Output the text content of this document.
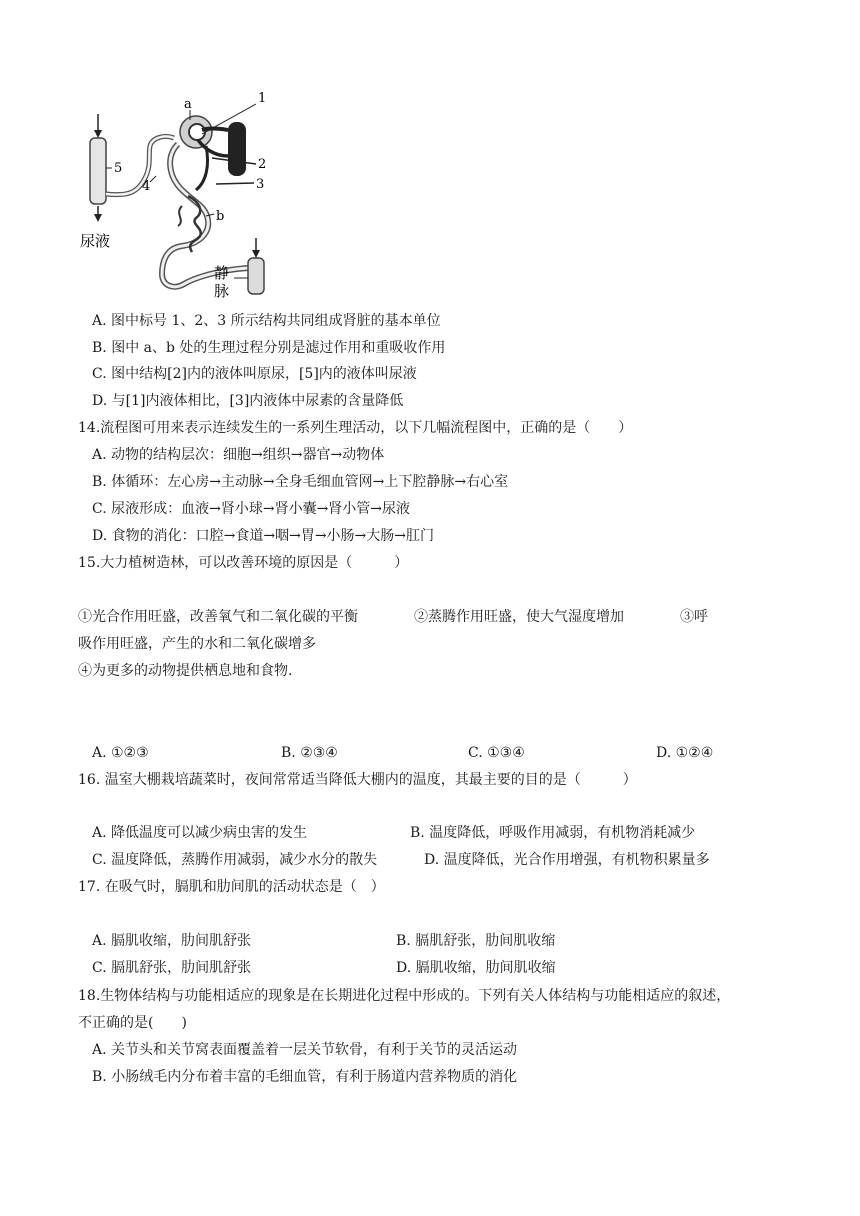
a	1
2
3
4
5
b
尿液
静
脉
A. 图中标号 1、2、3 所示结构共同组成肾脏的基本单位
B. 图中 a、b 处的生理过程分别是滤过作用和重吸收作用
C. 图中结构[2]内的液体叫原尿，[5]内的液体叫尿液
D. 与[1]内液体相比，[3]内液体中尿素的含量降低
14.流程图可用来表示连续发生的一系列生理活动，以下几幅流程图中，正确的是（　　）
A. 动物的结构层次：细胞→组织→器官→动物体
B. 体循环：左心房→主动脉→全身毛细血管网→上下腔静脉→右心室
C. 尿液形成：血液→肾小球→肾小囊→肾小管→尿液
D. 食物的消化：口腔→食道→咽→胃→小肠→大肠→肛门
15.大力植树造林，可以改善环境的原因是（　　　）
①光合作用旺盛，改善氧气和二氧化碳的平衡　　　　②蒸腾作用旺盛，使大气湿度增加　　　　③呼
吸作用旺盛，产生的水和二氧化碳增多
④为更多的动物提供栖息地和食物.
A. ①②③	B. ②③④	C. ①③④	D. ①②④
16. 温室大棚栽培蔬菜时，夜间常常适当降低大棚内的温度，其最主要的目的是（　　　）
A. 降低温度可以减少病虫害的发生	B. 温度降低，呼吸作用减弱，有机物消耗减少
C. 温度降低，蒸腾作用减弱，减少水分的散失	D. 温度降低，光合作用增强，有机物积累量多
17. 在吸气时，膈肌和肋间肌的活动状态是（　）
A. 膈肌收缩，肋间肌舒张	B. 膈肌舒张，肋间肌收缩
C. 膈肌舒张，肋间肌舒张	D. 膈肌收缩，肋间肌收缩
18.生物体结构与功能相适应的现象是在长期进化过程中形成的。下列有关人体结构与功能相适应的叙述，
不正确的是(　　)
A. 关节头和关节窝表面覆盖着一层关节软骨，有利于关节的灵活运动
B. 小肠绒毛内分布着丰富的毛细血管，有利于肠道内营养物质的消化
